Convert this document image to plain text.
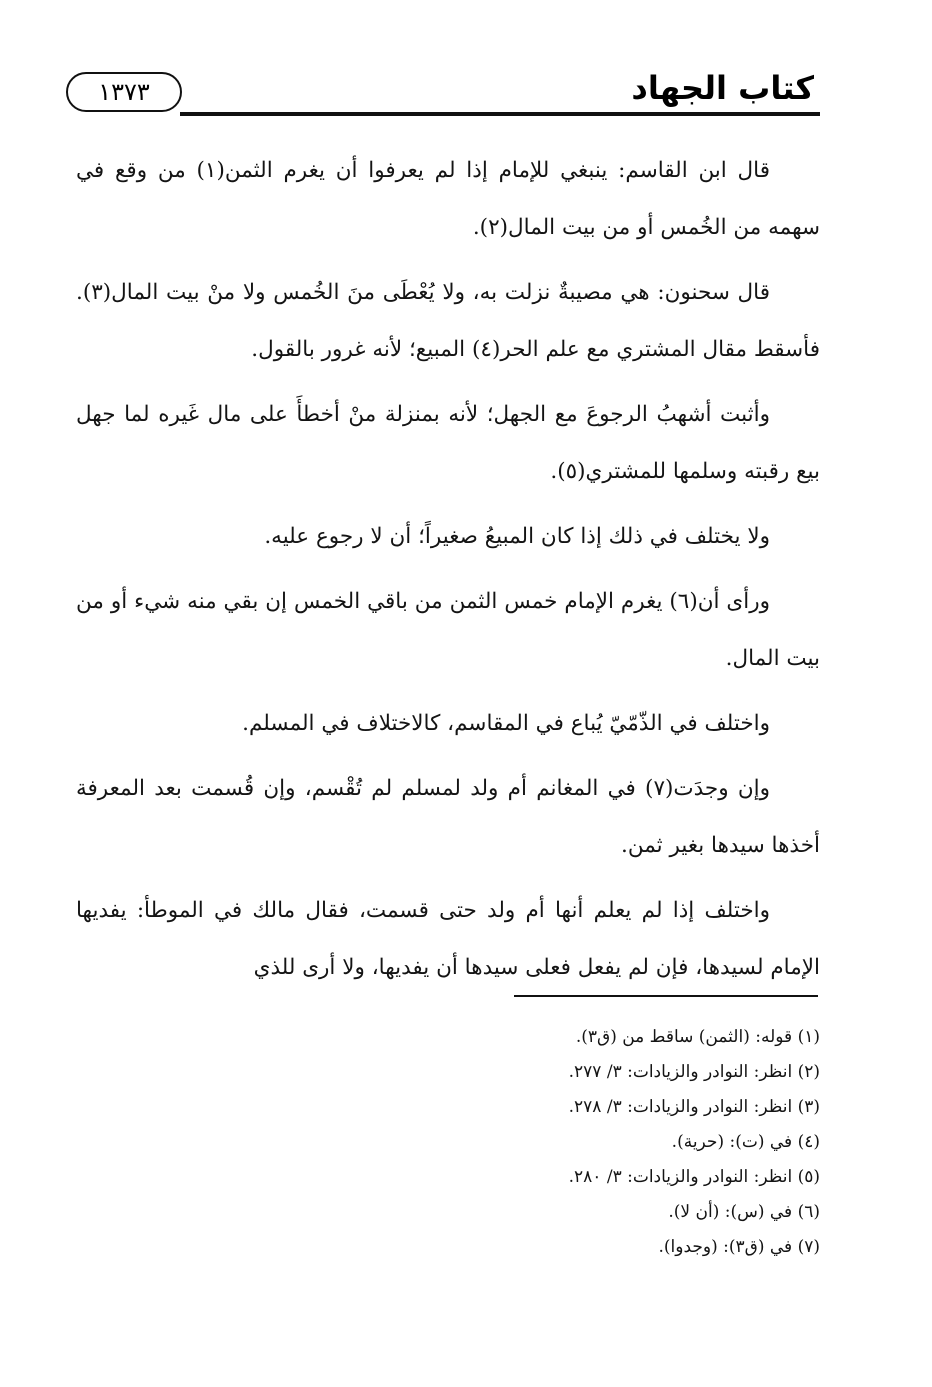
١٣٧٣	كتاب الجهاد

قال ابن القاسم: ينبغي للإمام إذا لم يعرفوا أن يغرم الثمن(١) من وقع في سهمه من الخُمس أو من بيت المال(٢).

قال سحنون: هي مصيبةٌ نزلت به، ولا يُعْطَى منَ الخُمس ولا منْ بيت المال(٣). فأسقط مقال المشتري مع علم الحر(٤) المبيع؛ لأنه غرور بالقول.

وأثبت أشهبُ الرجوعَ مع الجهل؛ لأنه بمنزلة منْ أخطأَ على مال غَيره لما جهل بيع رقبته وسلمها للمشتري(٥).

ولا يختلف في ذلك إذا كان المبيعُ صغيراً؛ أن لا رجوع عليه.

ورأى أن(٦) يغرم الإمام خمس الثمن من باقي الخمس إن بقي منه شيء أو من بيت المال.

واختلف في الذّمّيّ يُباع في المقاسم، كالاختلاف في المسلم.

وإن وجدَت(٧) في المغانم أم ولد لمسلم لم تُقْسم، وإن قُسمت بعد المعرفة أخذها سيدها بغير ثمن.

واختلف إذا لم يعلم أنها أم ولد حتى قسمت، فقال مالك في الموطأ: يفديها الإمام لسيدها، فإن لم يفعل فعلى سيدها أن يفديها، ولا أرى للذي

(١) قوله: (الثمن) ساقط من (ق٣).
(٢) انظر: النوادر والزيادات: ٣/ ٢٧٧.
(٣) انظر: النوادر والزيادات: ٣/ ٢٧٨.
(٤) في (ت): (حرية).
(٥) انظر: النوادر والزيادات: ٣/ ٢٨٠.
(٦) في (س): (أن لا).
(٧) في (ق٣): (وجدوا).
